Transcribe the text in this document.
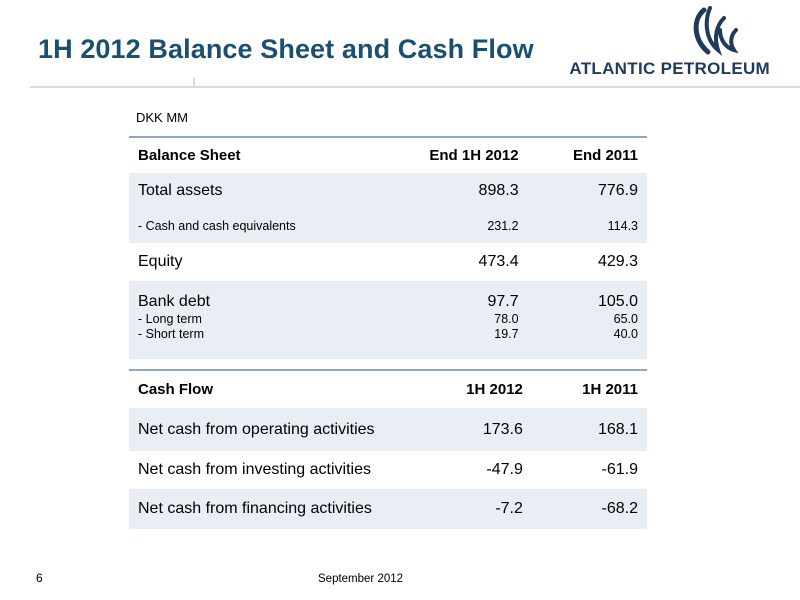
1H 2012 Balance Sheet and Cash Flow
ATLANTIC PETROLEUM
DKK MM
Balance Sheet	End 1H 2012	End 2011
Total assets	898.3	776.9
- Cash and cash equivalents	231.2	114.3
Equity	473.4	429.3
Bank debt	97.7	105.0
- Long term	78.0	65.0
- Short term	19.7	40.0
Cash Flow	1H 2012	1H 2011
Net cash from operating activities	173.6	168.1
Net cash from investing activities	-47.9	-61.9
Net cash from financing activities	-7.2	-68.2
6	September 2012
